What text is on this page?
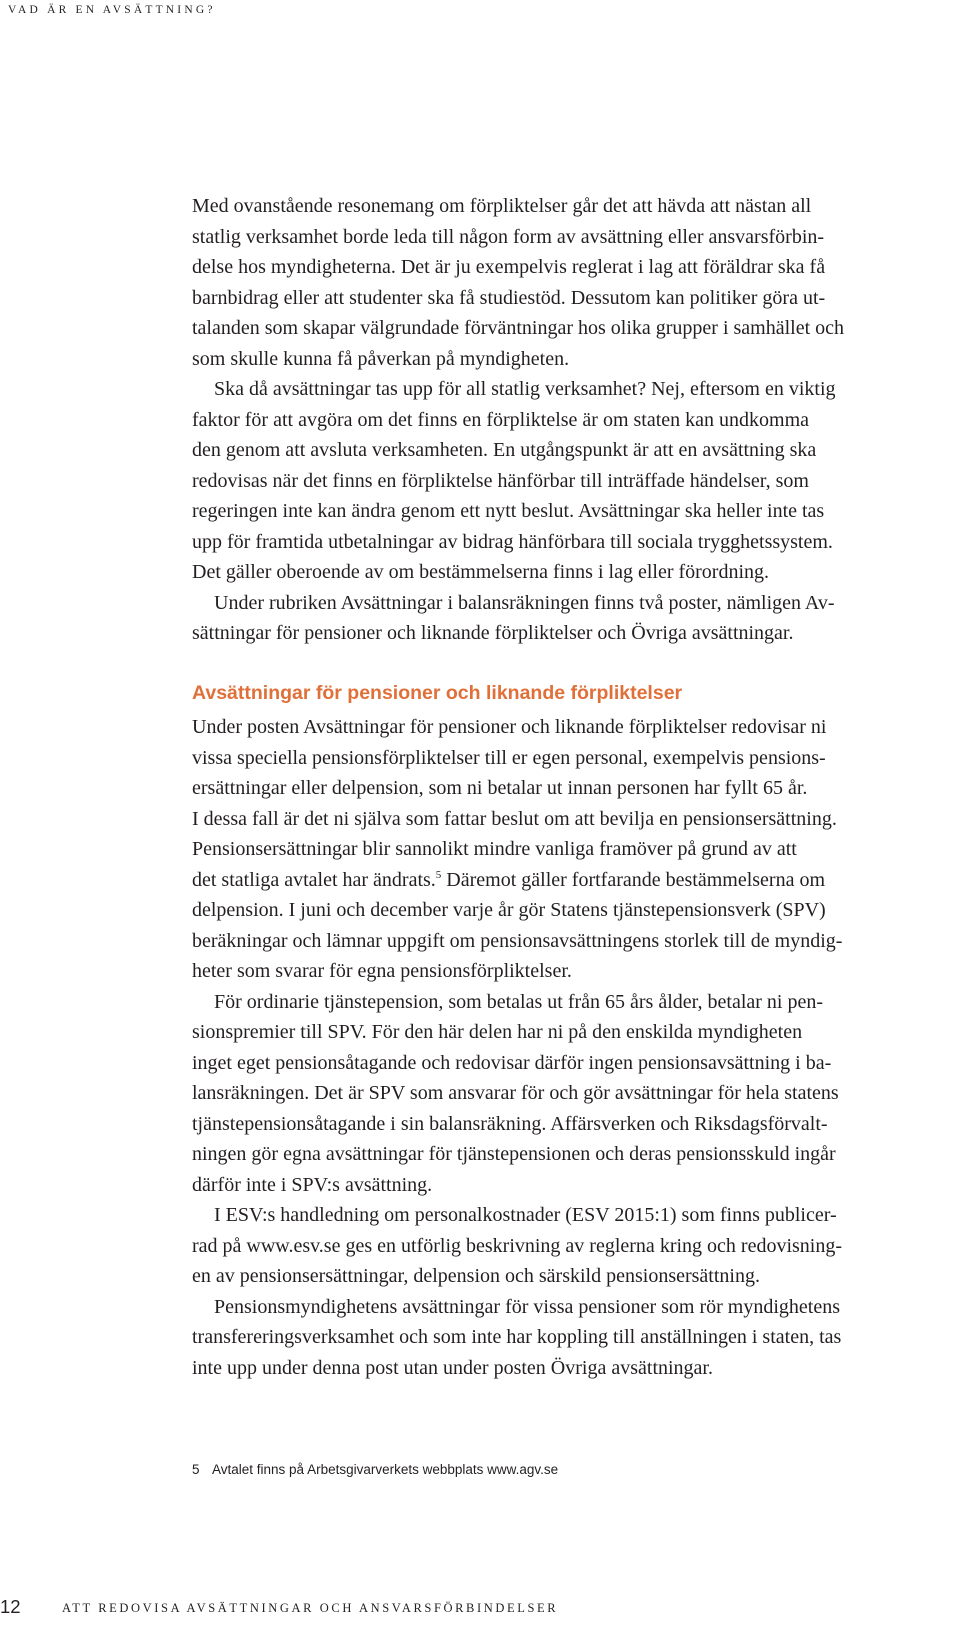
VAD ÄR EN AVSÄTTNING?
Med ovanstående resonemang om förpliktelser går det att hävda att nästan all
statlig verksamhet borde leda till någon form av avsättning eller ansvarsförbin-
delse hos myndigheterna. Det är ju exempelvis reglerat i lag att föräldrar ska få
barnbidrag eller att studenter ska få studiestöd. Dessutom kan politiker göra ut-
talanden som skapar välgrundade förväntningar hos olika grupper i samhället och
som skulle kunna få påverkan på myndigheten.
Ska då avsättningar tas upp för all statlig verksamhet? Nej, eftersom en viktig
faktor för att avgöra om det finns en förpliktelse är om staten kan undkomma
den genom att avsluta verksamheten. En utgångspunkt är att en avsättning ska
redovisas när det finns en förpliktelse hänförbar till inträffade händelser, som
regeringen inte kan ändra genom ett nytt beslut. Avsättningar ska heller inte tas
upp för framtida utbetalningar av bidrag hänförbara till sociala trygghetssystem.
Det gäller oberoende av om bestämmelserna finns i lag eller förordning.
Under rubriken Avsättningar i balansräkningen finns två poster, nämligen Av-
sättningar för pensioner och liknande förpliktelser och Övriga avsättningar.
Avsättningar för pensioner och liknande förpliktelser
Under posten Avsättningar för pensioner och liknande förpliktelser redovisar ni
vissa speciella pensionsförpliktelser till er egen personal, exempelvis pensions-
ersättningar eller delpension, som ni betalar ut innan personen har fyllt 65 år.
I dessa fall är det ni själva som fattar beslut om att bevilja en pensionsersättning.
Pensionsersättningar blir sannolikt mindre vanliga framöver på grund av att
det statliga avtalet har ändrats.$^5$ Däremot gäller fortfarande bestämmelserna om
delpension. I juni och december varje år gör Statens tjänstepensionsverk (SPV)
beräkningar och lämnar uppgift om pensionsavsättningens storlek till de myndig-
heter som svarar för egna pensionsförpliktelser.
För ordinarie tjänstepension, som betalas ut från 65 års ålder, betalar ni pen-
sionspremier till SPV. För den här delen har ni på den enskilda myndigheten
inget eget pensionsåtagande och redovisar därför ingen pensionsavsättning i ba-
lansräkningen. Det är SPV som ansvarar för och gör avsättningar för hela statens
tjänstepensionsåtagande i sin balansräkning. Affärsverken och Riksdagsförvalt-
ningen gör egna avsättningar för tjänstepensionen och deras pensionsskuld ingår
därför inte i SPV:s avsättning.
I ESV:s handledning om personalkostnader (ESV 2015:1) som finns publicer-
rad på www.esv.se ges en utförlig beskrivning av reglerna kring och redovisning-
en av pensionsersättningar, delpension och särskild pensionsersättning.
Pensionsmyndighetens avsättningar för vissa pensioner som rör myndighetens
transfereringsverksamhet och som inte har koppling till anställningen i staten, tas
inte upp under denna post utan under posten Övriga avsättningar.
5 Avtalet finns på Arbetsgivarverkets webbplats www.agv.se
12	ATT REDOVISA AVSÄTTNINGAR OCH ANSVARSFÖRBINDELSER
